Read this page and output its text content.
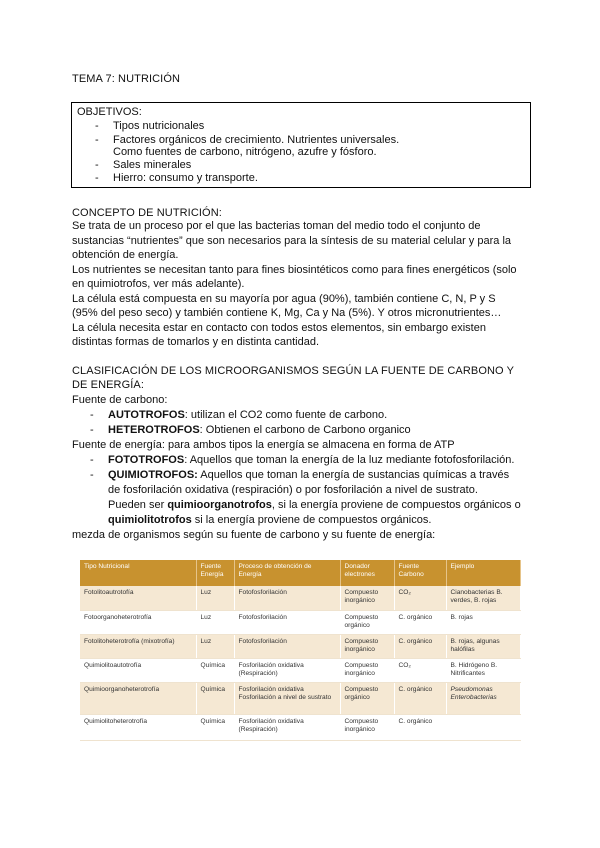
TEMA 7: NUTRICIÓN
OBJETIVOS:
- Tipos nutricionales
- Factores orgánicos de crecimiento. Nutrientes universales.
Como fuentes de carbono, nitrógeno, azufre y fósforo.
- Sales minerales
- Hierro: consumo y transporte.
CONCEPTO DE NUTRICIÓN:
Se trata de un proceso por el que las bacterias toman del medio todo el conjunto de
sustancias “nutrientes” que son necesarios para la síntesis de su material celular y para la
obtención de energía.
Los nutrientes se necesitan tanto para fines biosintéticos como para fines energéticos (solo
en quimiotrofos, ver más adelante).
La célula está compuesta en su mayoría por agua (90%), también contiene C, N, P y S
(95% del peso seco) y también contiene K, Mg, Ca y Na (5%). Y otros micronutrientes…
La célula necesita estar en contacto con todos estos elementos, sin embargo existen
distintas formas de tomarlos y en distinta cantidad.
CLASIFICACIÓN DE LOS MICROORGANISMOS SEGÚN LA FUENTE DE CARBONO Y
DE ENERGÍA:
Fuente de carbono:
- AUTOTROFOS: utilizan el CO2 como fuente de carbono.
- HETEROTROFOS: Obtienen el carbono de Carbono organico
Fuente de energía: para ambos tipos la energía se almacena en forma de ATP
- FOTOTROFOS: Aquellos que toman la energía de la luz mediante fotofosforilación.
- QUIMIOTROFOS: Aquellos que toman la energía de sustancias químicas a través
de fosforilación oxidativa (respiración) o por fosforilación a nivel de sustrato.
Pueden ser quimioorganotrofos, si la energía proviene de compuestos orgánicos o
quimiolitotrofos si la energía proviene de compuestos orgánicos.
mezda de organismos según su fuente de carbono y su fuente de energía:
Tipo Nutricional	Fuente Energía	Proceso de obtención de Energía	Donador electrones	Fuente Carbono	Ejemplo
Fotolitoautrotofía	Luz	Fotofosforilación	Compuesto inorgánico	CO₂	Cianobacterias B. verdes, B. rojas
Fotoorganoheterotrofía	Luz	Fotofosforilación	Compuesto orgánico	C. orgánico	B. rojas
Fotolitoheterotrofía (mixotrofía)	Luz	Fotofosforilación	Compuesto inorgánico	C. orgánico	B. rojas, algunas halófilas
Quimiolitoautotrofía	Química	Fosforilación oxidativa (Respiración)	Compuesto inorgánico	CO₂	B. Hidrógeno B. Nitrificantes
Quimioorganoheterotrofía	Química	Fosforilación oxidativa Fosforilación a nivel de sustrato	Compuesto orgánico	C. orgánico	Pseudomonas Enterobacterias
Quimiolitoheterotrofía	Química	Fosforilación oxidativa (Respiración)	Compuesto inorgánico	C. orgánico	
